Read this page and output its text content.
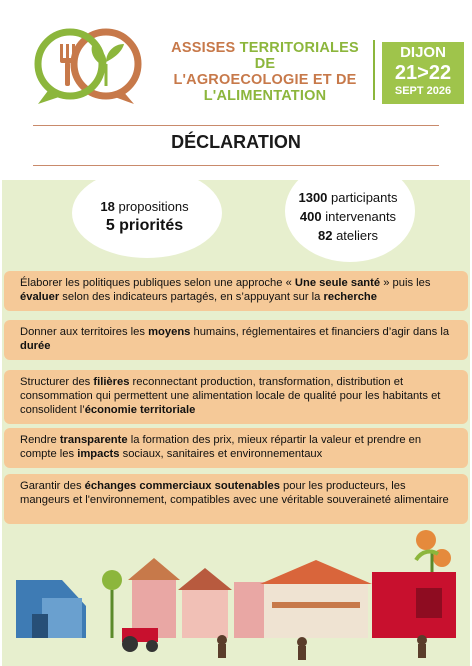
ASSISES TERRITORIALES DE
L'AGROECOLOGIE ET DE
L'ALIMENTATION
DIJON
21>22
SEPT 2026
DÉCLARATION
18 propositions
5 priorités
1300 participants
400 intervenants
82 ateliers
Élaborer les politiques publiques selon une approche « Une seule santé » puis les évaluer selon des indicateurs partagés, en s’appuyant sur la recherche
Donner aux territoires les moyens humains, réglementaires et financiers d’agir dans la durée
Structurer des filières reconnectant production, transformation, distribution et consommation qui permettent une alimentation locale de qualité pour les habitants et consolident l’économie territoriale
Rendre transparente la formation des prix, mieux répartir la valeur et prendre en compte les impacts sociaux, sanitaires et environnementaux
Garantir des échanges commerciaux soutenables pour les producteurs, les mangeurs et l'environnement, compatibles avec une véritable souveraineté alimentaire
